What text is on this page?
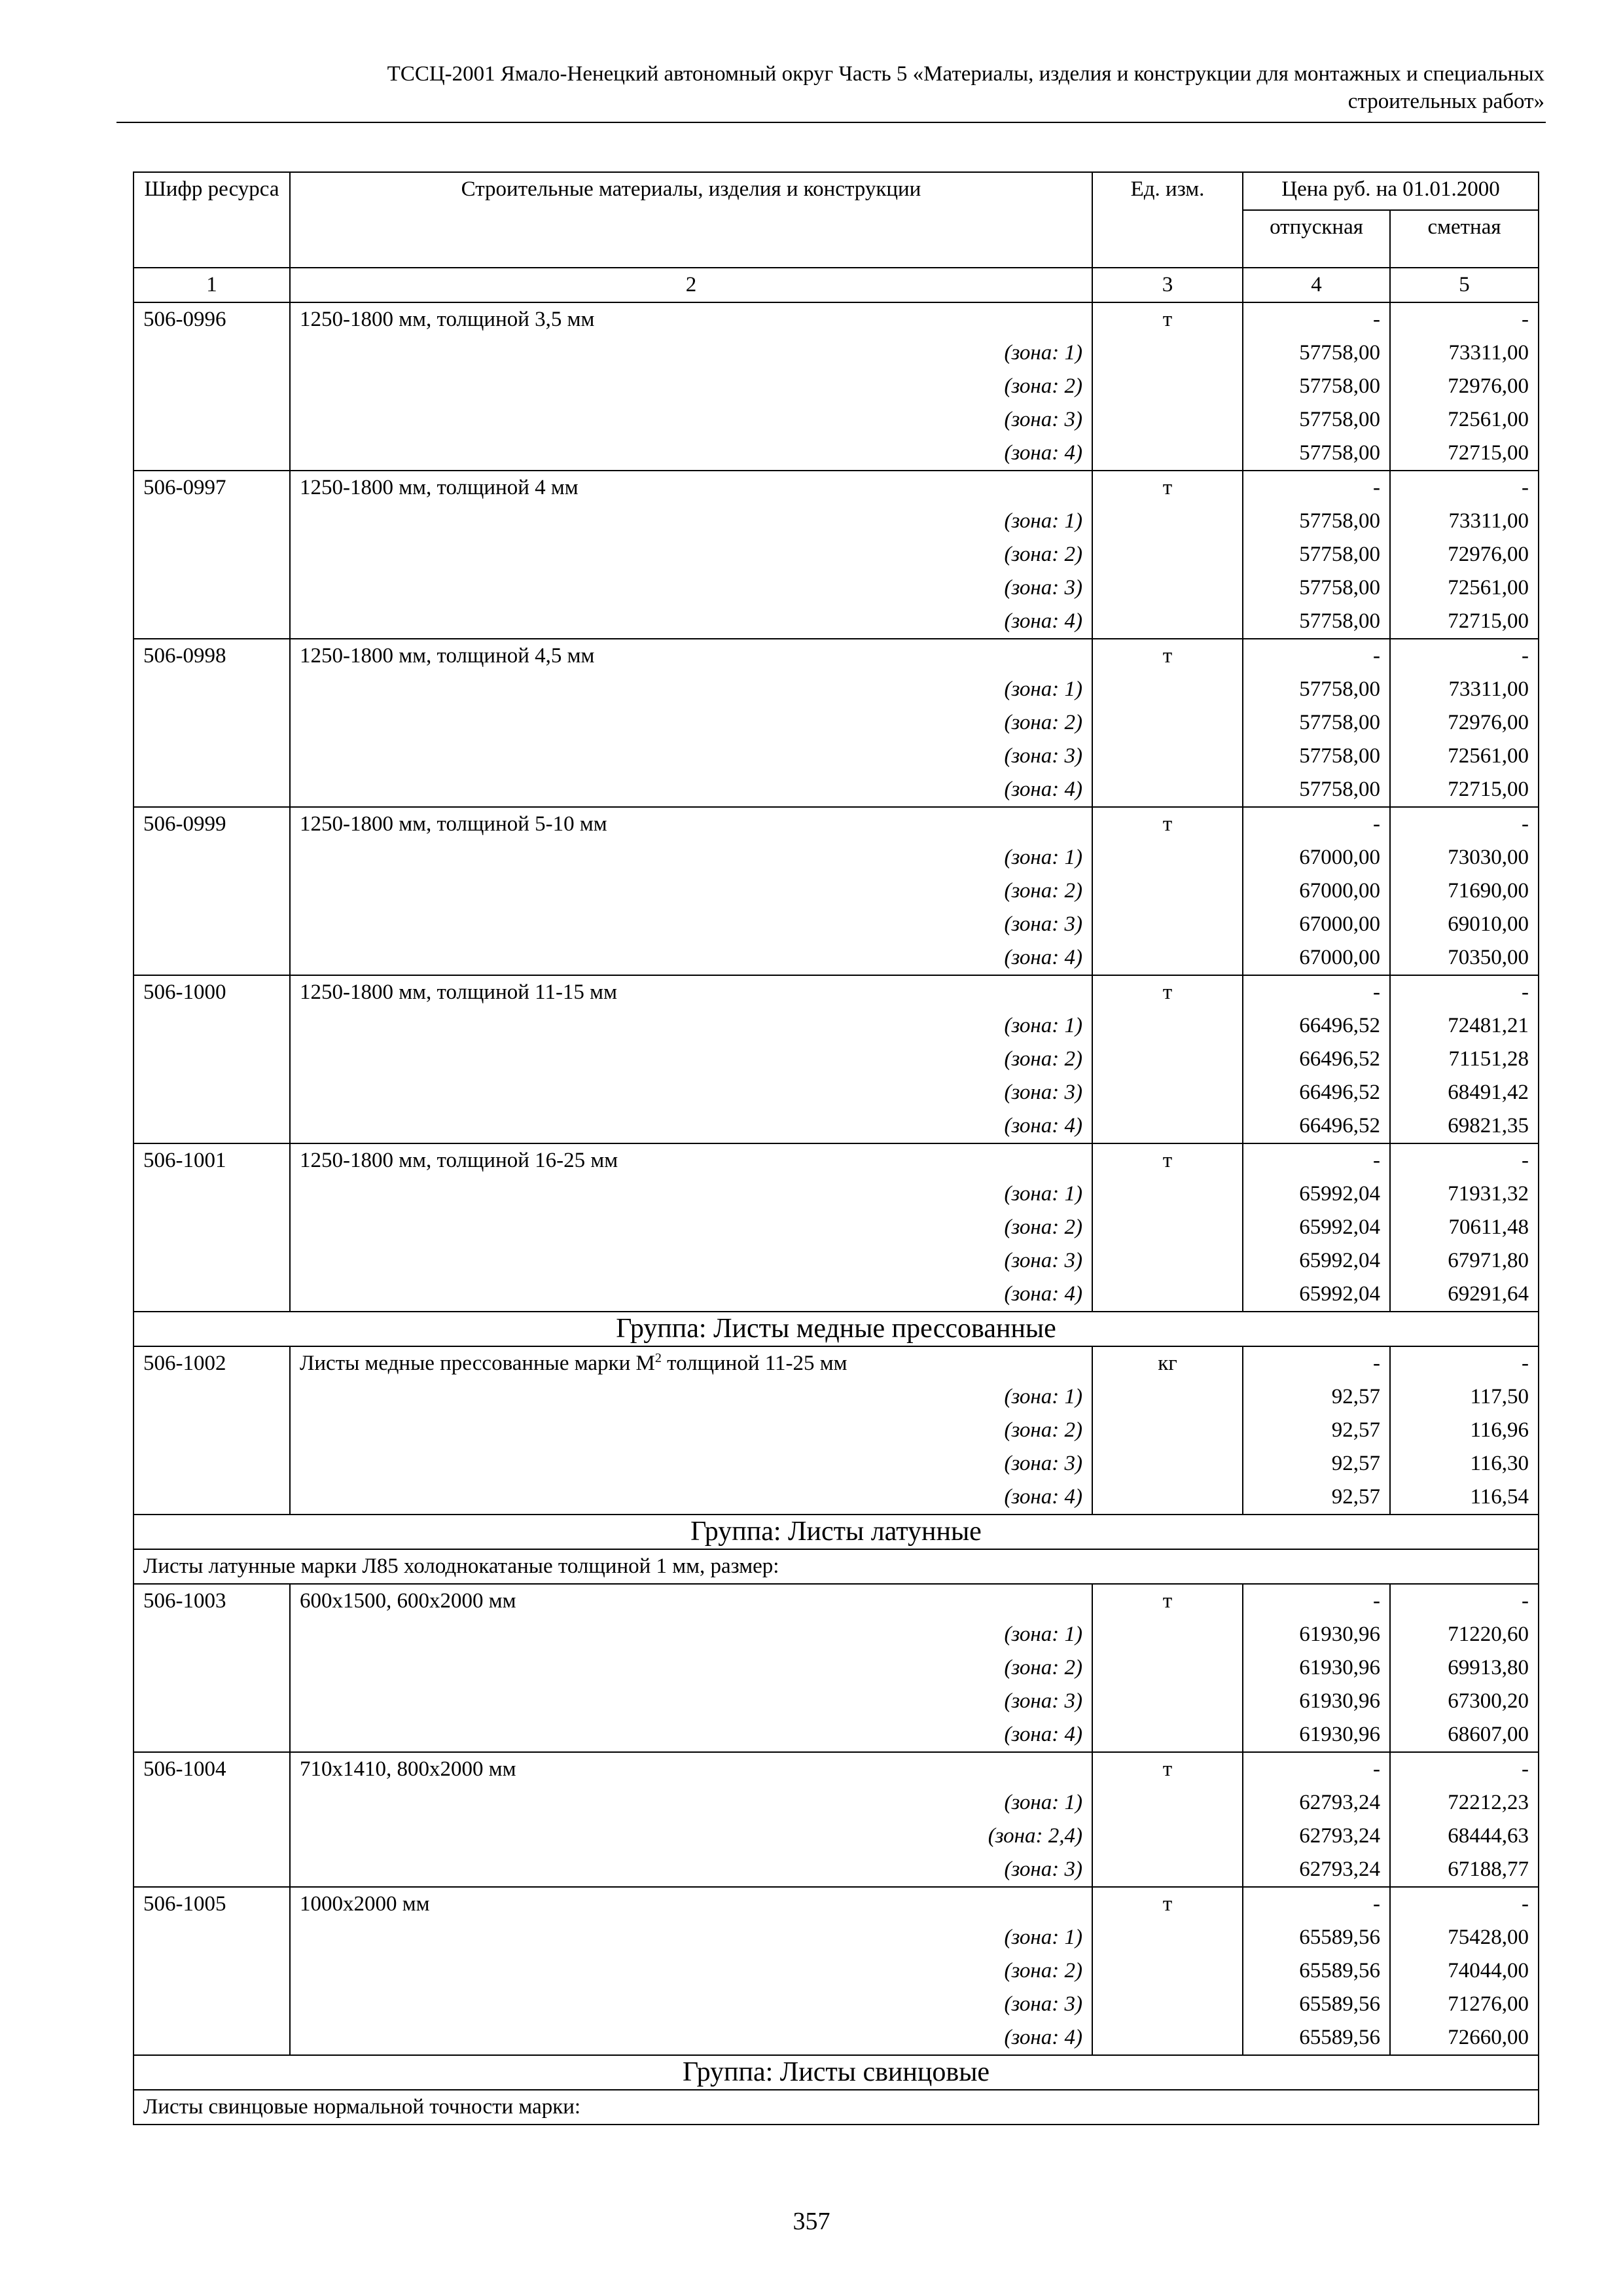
ТССЦ-2001 Ямало-Ненецкий автономный округ Часть 5 «Материалы, изделия и конструкции для монтажных и специальных
строительных работ»
Шифр ресурса	Строительные материалы, изделия и конструкции	Ед. изм.	Цена руб. на 01.01.2000	
			отпускная	сметная
1	2	3	4	5
506-0996	1250-1800 мм, толщиной 3,5 мм	т	-	-
	(зона: 1)		57758,00	73311,00
	(зона: 2)		57758,00	72976,00
	(зона: 3)		57758,00	72561,00
	(зона: 4)		57758,00	72715,00
506-0997	1250-1800 мм, толщиной 4 мм	т	-	-
	(зона: 1)		57758,00	73311,00
	(зона: 2)		57758,00	72976,00
	(зона: 3)		57758,00	72561,00
	(зона: 4)		57758,00	72715,00
506-0998	1250-1800 мм, толщиной 4,5 мм	т	-	-
	(зона: 1)		57758,00	73311,00
	(зона: 2)		57758,00	72976,00
	(зона: 3)		57758,00	72561,00
	(зона: 4)		57758,00	72715,00
506-0999	1250-1800 мм, толщиной 5-10 мм	т	-	-
	(зона: 1)		67000,00	73030,00
	(зона: 2)		67000,00	71690,00
	(зона: 3)		67000,00	69010,00
	(зона: 4)		67000,00	70350,00
506-1000	1250-1800 мм, толщиной 11-15 мм	т	-	-
	(зона: 1)		66496,52	72481,21
	(зона: 2)		66496,52	71151,28
	(зона: 3)		66496,52	68491,42
	(зона: 4)		66496,52	69821,35
506-1001	1250-1800 мм, толщиной 16-25 мм	т	-	-
	(зона: 1)		65992,04	71931,32
	(зона: 2)		65992,04	70611,48
	(зона: 3)		65992,04	67971,80
	(зона: 4)		65992,04	69291,64
Группа: Листы медные прессованные				
506-1002	Листы медные прессованные марки $М^2$ толщиной 11-25 мм	кг	-	-
	(зона: 1)		92,57	117,50
	(зона: 2)		92,57	116,96
	(зона: 3)		92,57	116,30
	(зона: 4)		92,57	116,54
Группа: Листы латунные				
Листы латунные марки Л85 холоднокатаные толщиной 1 мм, размер:				
506-1003	600х1500, 600х2000 мм	т	-	-
	(зона: 1)		61930,96	71220,60
	(зона: 2)		61930,96	69913,80
	(зона: 3)		61930,96	67300,20
	(зона: 4)		61930,96	68607,00
506-1004	710х1410, 800х2000 мм	т	-	-
	(зона: 1)		62793,24	72212,23
	(зона: 2,4)		62793,24	68444,63
	(зона: 3)		62793,24	67188,77
506-1005	1000х2000 мм	т	-	-
	(зона: 1)		65589,56	75428,00
	(зона: 2)		65589,56	74044,00
	(зона: 3)		65589,56	71276,00
	(зона: 4)		65589,56	72660,00
Группа: Листы свинцовые				
Листы свинцовые нормальной точности марки:				
357
